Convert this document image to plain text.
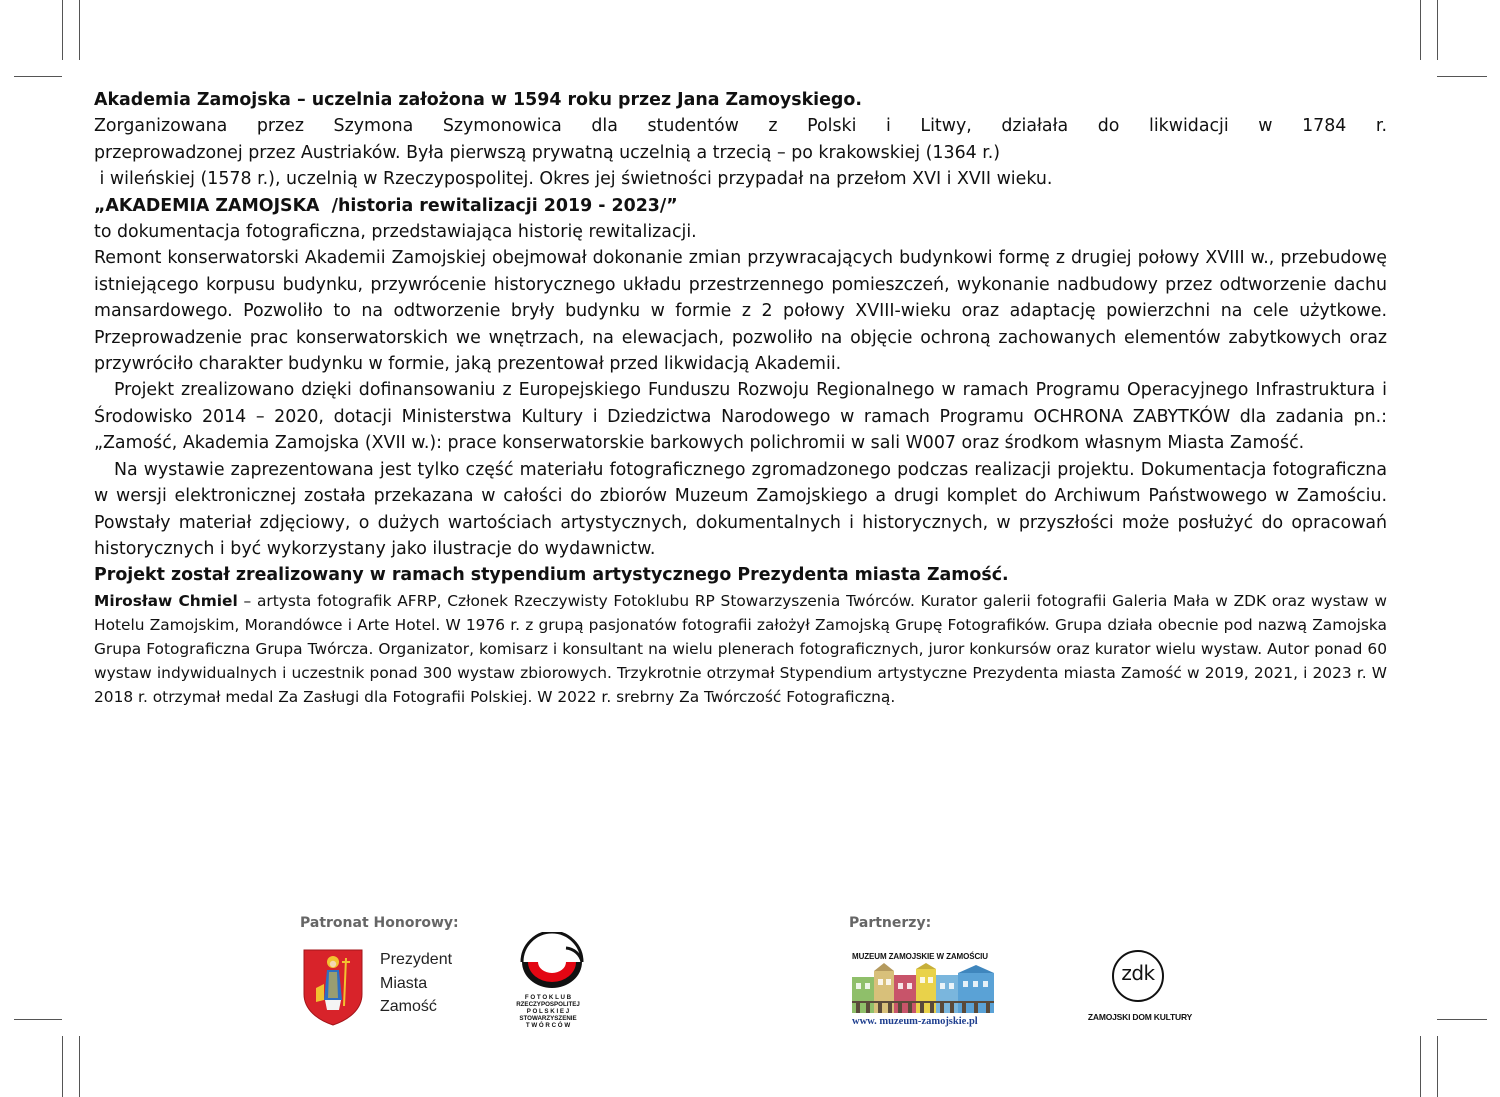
Akademia Zamojska – uczelnia założona w 1594 roku przez Jana Zamoyskiego.

Zorganizowana przez Szymona Szymonowica dla studentów z Polski i Litwy, działała do likwidacji w 1784 r.

przeprowadzonej przez Austriaków. Była pierwszą prywatną uczelnią a trzecią – po krakowskiej (1364 r.)

i wileńskiej (1578 r.), uczelnią w Rzeczypospolitej. Okres jej świetności przypadał na przełom XVI i XVII wieku.

„AKADEMIA ZAMOJSKA  /historia rewitalizacji 2019 - 2023/”

to dokumentacja fotograficzna, przedstawiająca historię rewitalizacji.

Remont konserwatorski Akademii Zamojskiej obejmował dokonanie zmian przywracających budynkowi formę z drugiej połowy XVIII w., przebudowę istniejącego korpusu budynku, przywrócenie historycznego układu przestrzennego pomieszczeń, wykonanie nadbudowy przez odtworzenie dachu mansardowego. Pozwoliło to na odtworzenie bryły budynku w formie z 2 połowy XVIII-wieku oraz adaptację powierzchni na cele użytkowe. Przeprowadzenie prac konserwatorskich we wnętrzach, na elewacjach, pozwoliło na objęcie ochroną zachowanych elementów zabytkowych oraz przywróciło charakter budynku w formie, jaką prezentował przed likwidacją Akademii.

Projekt zrealizowano dzięki dofinansowaniu z Europejskiego Funduszu Rozwoju Regionalnego w ramach Programu Operacyjnego Infrastruktura i Środowisko 2014 – 2020, dotacji Ministerstwa Kultury i Dziedzictwa Narodowego w ramach Programu OCHRONA ZABYTKÓW dla zadania pn.: „Zamość, Akademia Zamojska (XVII w.): prace konserwatorskie barkowych polichromii w sali W007 oraz środkom własnym Miasta Zamość.

Na wystawie zaprezentowana jest tylko część materiału fotograficznego zgromadzonego podczas realizacji projektu. Dokumentacja fotograficzna w wersji elektronicznej została przekazana w całości do zbiorów Muzeum Zamojskiego a drugi komplet do Archiwum Państwowego w Zamościu. Powstały materiał zdjęciowy, o dużych wartościach artystycznych, dokumentalnych i historycznych, w przyszłości może posłużyć do opracowań historycznych i być wykorzystany jako ilustracje do wydawnictw.

Projekt został zrealizowany w ramach stypendium artystycznego Prezydenta miasta Zamość.

Mirosław Chmiel – artysta fotografik AFRP, Członek Rzeczywisty Fotoklubu RP Stowarzyszenia Twórców. Kurator galerii fotografii Galeria Mała w ZDK oraz wystaw w Hotelu Zamojskim, Morandówce i Arte Hotel. W 1976 r. z grupą pasjonatów fotografii założył Zamojską Grupę Fotografików. Grupa działa obecnie pod nazwą Zamojska Grupa Fotograficzna Grupa Twórcza. Organizator, komisarz i konsultant na wielu plenerach fotograficznych, juror konkursów oraz kurator wielu wystaw. Autor ponad 60 wystaw indywidualnych i uczestnik ponad 300 wystaw zbiorowych. Trzykrotnie otrzymał Stypendium artystyczne Prezydenta miasta Zamość w 2019, 2021, i 2023 r. W 2018 r. otrzymał medal Za Zasługi dla Fotografii Polskiej. W 2022 r. srebrny Za Twórczość Fotograficzną.

Patronat Honorowy:	Partnerzy:
Prezydent
Miasta
Zamość
F O T O K L U B
RZECZYPOSPOLITEJ
P O L S K I E J
STOWARZYSZENIE
T W Ó R C Ó W
MUZEUM ZAMOJSKIE W ZAMOŚCIU
www. muzeum-zamojskie.pl
zdk
ZAMOJSKI DOM KULTURY
